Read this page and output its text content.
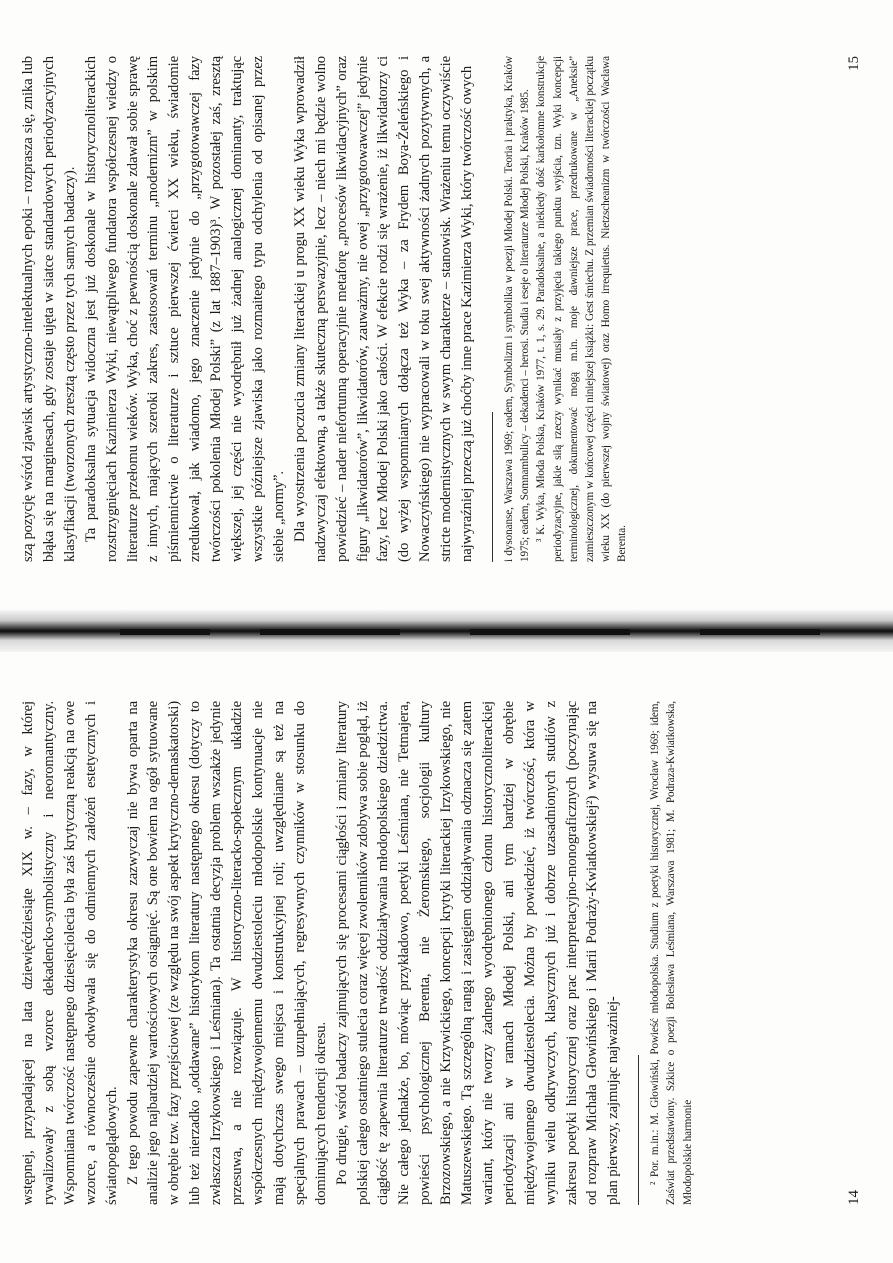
wstępnej, przypadającej na lata dziewięćdziesiąte XIX w. – fazy, w której rywalizowały z sobą wzorce dekadencko-symbolistyczny i neoromantyczny. Wspomniana twórczość następnego dziesięciolecia była zaś krytyczną reakcją na owe wzorce, a równocześnie odwoływała się do odmiennych założeń estetycznych i światopoglądowych. Z tego powodu zapewne charakterystyka okresu zazwyczaj nie bywa oparta na analizie jego najbardziej wartościowych osiągnięć. Są one bowiem na ogół sytuowane w obrębie tzw. fazy przejściowej (ze względu na swój aspekt krytyczno-demaskatorski) lub też nierzadko „oddawane” historykom literatury następnego okresu (dotyczy to zwłaszcza Irzykowskiego i Leśmiana). Ta ostatnia decyzja problem wszakże jedynie przesuwa, a nie rozwiązuje. W historyczno-literacko-społecznym układzie współczesnych międzywojennemu dwudziestoleciu młodopolskie kontynuacje nie mają dotychczas swego miejsca i konstrukcyjnej roli; uwzględniane są też na specjalnych prawach – uzupełniających, regresywnych czynników w stosunku do dominujących tendencji okresu. Po drugie, wśród badaczy zajmujących się procesami ciągłości i zmiany literatury polskiej całego ostatniego stulecia coraz więcej zwolenników zdobywa sobie pogląd, iż ciągłość tę zapewnia literaturze trwałość oddziaływania młodopolskiego dziedzictwa. Nie całego jednakże, bo, mówiąc przykładowo, poetyki Leśmiana, nie Tetmajera, powieści psychologicznej Berenta, nie Żeromskiego, socjologii kultury Brzozowskiego, a nie Krzywickiego, koncepcji krytyki literackiej Irzykowskiego, nie Matuszewskiego. Tą szczególną rangą i zasięgiem oddziaływania odznacza się zatem wariant, który nie tworzy żadnego wyodrębnionego członu historycznoliterackiej periodyzacji ani w ramach Młodej Polski, ani tym bardziej w obrębie międzywojennego dwudziestolecia. Można by powiedzieć, iż twórczość, która w wyniku wielu odkrywczych, klasycznych już i dobrze uzasadnionych studiów z zakresu poetyki historycznej oraz prac interpretacyjno-monograficznych (poczynając od rozpraw Michała Głowińskiego i Marii Podraży-Kwiatkowskiej²) wysuwa się na plan pierwszy, zajmując najważniej- ² Por. m.in.: M. Głowiński, Powieść młodopolska. Studium z poetyki historycznej, Wrocław 1969; idem, Zaświat przedstawiony. Szkice o poezji Bolesława Leśmiana, Warszawa 1981; M. Podraza-Kwiatkowska, Młodopolskie harmonie	14

szą pozycję wśród zjawisk artystyczno-intelektualnych epoki – rozprasza się, znika lub błąka się na marginesach, gdy zostaje ujęta w siatce standardowych periodyzacyjnych klasyfikacji (tworzonych zresztą często przez tych samych badaczy). Ta paradoksalna sytuacja widoczna jest już doskonale w historycznoliterackich rozstrzygnięciach Kazimierza Wyki, niewątpliwego fundatora współczesnej wiedzy o literaturze przełomu wieków. Wyka, choć z pewnością doskonale zdawał sobie sprawę z innych, mających szeroki zakres, zastosowań terminu „modernizm” w polskim piśmiennictwie o literaturze i sztuce pierwszej ćwierci XX wieku, świadomie zredukował, jak wiadomo, jego znaczenie jedynie do „przygotowawczej fazy twórczości pokolenia Młodej Polski” (z lat 1887–1903)³. W pozostałej zaś, zresztą większej, jej części nie wyodrębnił już żadnej analogicznej dominanty, traktując wszystkie późniejsze zjawiska jako rozmaitego typu odchylenia od opisanej przez siebie „normy”. Dla wyostrzenia poczucia zmiany literackiej u progu XX wieku Wyka wprowadził nadzwyczaj efektowną, a także skuteczną perswazyjnie, lecz – niech mi będzie wolno powiedzieć – nader niefortunną operacyjnie metaforę „procesów likwidacyjnych” oraz figury „likwidatorów”, likwidatorów, zauważmy, nie owej „przygotowawczej” jedynie fazy, lecz Młodej Polski jako całości. W efekcie rodzi się wrażenie, iż likwidatorzy ci (do wyżej wspomnianych dołącza też Wyka – za Frydem Boya-Żeleńskiego i Nowaczyńskiego) nie wypracowali w toku swej aktywności żadnych pozytywnych, a stricte modernistycznych w swym charakterze – stanowisk. Wrażeniu temu oczywiście najwyraźniej przeczą już choćby inne prace Kazimierza Wyki, który twórczość owych i dysonanse, Warszawa 1969; eadem, Symbolizm i symbolika w poezji Młodej Polski. Teoria i praktyka, Kraków 1975; eadem, Somnambulicy – dekadenci – herosi. Studia i eseje o literaturze Młodej Polski, Kraków 1985. ³ K. Wyka, Młoda Polska, Kraków 1977, t. 1, s. 29. Paradoksalne, a niekiedy dość karkołomne konstrukcje periodyzacyjne, jakie siłą rzeczy wynikać musiały z przyjęcia takiego punktu wyjścia, tzn. Wyki koncepcji terminologicznej, dokumentować mogą m.in. moje dawniejsze prace, przedrukowane w „Aneksie” zamieszczonym w końcowej części niniejszej książki: Gest śmiechu. Z przemian świadomości literackiej początku wieku XX (do pierwszej wojny światowej) oraz Homo irrequietus. Nietzscheanizm w twórczości Wacława Berenta.

15
